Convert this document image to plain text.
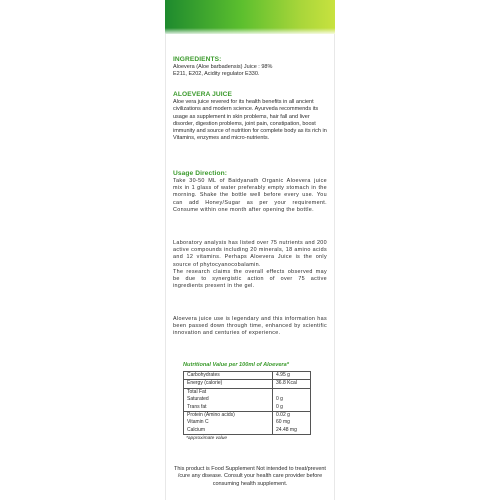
INGREDIENTS:
Aloevera (Aloe barbadensis) Juice : 98%
E211, E202, Acidity regulator E330.
ALOEVERA JUICE
Aloe vera juice revered for its health benefits in all ancient civilizations and modern science. Ayurveda recommends its usage as supplement in skin problems, hair fall and liver disorder, digestion problems, joint pain, constipation, boost immunity and source of nutrition for complete body as its rich in Vitamins, enzymes and micro-nutrients.
Usage Direction:
Take 30-50 ML of Baidyanath Organic Aloevera juice mix in 1 glass of water preferably empty stomach in the morning. Shake the bottle well before every use. You can add Honey/Sugar as per your requirement. Consume within one month after opening the bottle.
Laboratory analysis has listed over 75 nutrients and 200 active compounds including 20 minerals, 18 amino acids and 12 vitamins. Perhaps Aloevera Juice is the only source of phytocyanocobalamin.
The research claims the overall effects observed may be due to synergistic action of over 75 active ingredients present in the gel.
Aloevera juice use is legendary and this information has been passed down through time, enhanced by scientific innovation and centuries of experience.
Nutritional Value per 100ml of Aloevera*
Carbohydrates	4.95 g
Energy (calorie)	36.8 Kcal
Total Fat	
Saturated	0 g
Trans fat	0 g
Protein (Amino acids)	0.02 g
Vitamin C	60 mg
Calcium	24.48 mg
*approximate value
This product is Food Supplement Not intended to treat/prevent /cure any disease. Consult your health care provider before consuming health supplement.
